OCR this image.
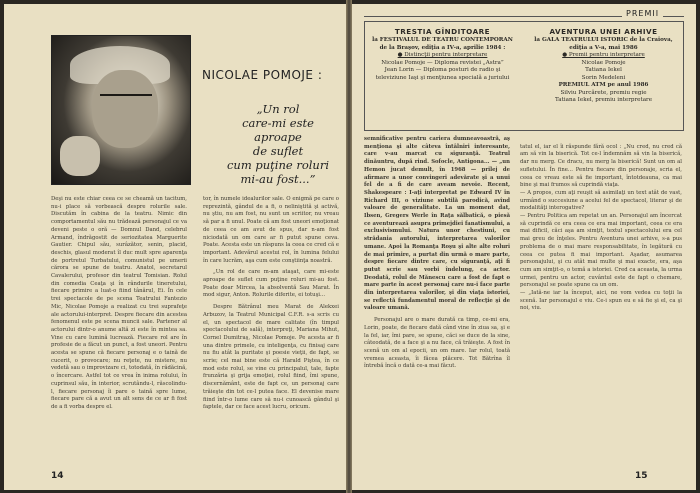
NICOLAE POMOJE :
„Un rol
care-mi este aproape
de suflet
cum puţine roluri
mi-au fost...”

Deşi nu este chiar ceea ce se cheamă un tacitum, nu-i place să vorbească despre rolurile sale. Discutăm în cabina de la teatru. Nimic din comportamentul său nu trădează personajul ce va deveni peste o oră — Domnul Dand, celebrul Armand, îndrăgostit de seriozitatea Marguerite Gautier. Chipul său, surâzător, senin, placid, deschis, glasul moderat îl duc mult spre aparenţa de portretul Turbatului, comunistul pe umerii cărora se spune de teatru. Anatol, secretarul Cavalerului, profesor din teatrul Tomisian. Rolul din comedia Ceaţa şi în rândurile tineretului, fiecare primire a luat-o fiind tânărul, Ei. În cele trei spectacole de pe scena Teatrului Fantezio Mic, Nicolae Pomoje a realizat cu trei suprafeţe ale actorului-interpret. Despre fiecare din acestea fenomenul este pe scena muncii sale. Partener al actorului dintr-o anume altă zi este în mintea sa. Vine cu care lumină lucrează. Fiecare rol are în profesie de a făcut un punct, a fost uneori. Pentru acesta se spune că fiecare personaj e o taină de cucerit, o provocare; nu reţete, nu mistere, nu vedetă sau o improvizare ci, totodată, în rădăcină, o încercare. Astfel tot ce vrea în inima rolului, în cuprinsul său, în interior, scrutându-l, răscolindu-l, fiecare personaj îi pare o taină spre lume, fiecare pare că a avut un alt sens de ce ar fi fost de a fi vorba despre el.

tor, în numele idealurilor sale. O enigmă pe care o reprezintă, gândul de a fi, o neliniştită şi activă, nu ştiu, nu am fost, nu sunt un scriitor, nu vreau să par a fi unul. Poate că am fost uneori emoţionat de ceea ce am avut de spus, dar n-am fost niciodată un om care ar fi putut spune ceva. Poate. Acesta este un răspuns la ceea ce cred că e important. Adevărul acestui rol, în lumina felului în care lucrăm, aşa cum este conştiinţa noastră.

„Un rol de care m-am ataşat, care mi-este aproape de suflet cum puţine roluri mi-au fost. Poate doar Mircea, la absolventă Sau Marat. În mod sigur, Anton. Rolurile diferite, ei totuşi...

Despre Bătrânul meu Marat de Alekxei Arbuzov, la Teatrul Municipal C.F.R. s-a scris cu el, un spectacol de mare calitate (în timpul spectacolului de sală), interpreţi, Mariana Mihut, Cornel Dumitraş, Nicolae Pomoje. Pe acesta ar fi una dintre primele, cu inteligenţa, cu finisaj care nu fiu atât la puritate şi poesie vieţii, de fapt, se scrie; cel mai bine este că Harald Piştea, în ce mod este rolul, se vine cu principalul, tale, fapte frunzăria şi grija emoţiei, rolul fiind, îmi spune, discernământ, este de fapt ce, un personaj care trăieşte din tot ce-l putea face. El devenise mare fiind într-o lume care să nu-i cunoască gândul şi faptele, dar ce face acest lucru, oricum.

14
PREMII
TRESTIA GÎNDITOARE
la FESTIVALUL DE TEATRU CONTEMPORAN de la Braşov, ediţia a IV-a, aprilie 1984 :
● Distincţii pentru interpretare
Nicolae Pomoje — Diploma revistei „Astra”
Jean Lorin — Diploma posturi de radio şi televiziune Iaşi şi menţiunea specială a juriului
AVENTURA UNEI ARHIVE
la GALA TEATRULUI ISTORIC de la Craiova, ediţia a V-a, mai 1986
● Premii pentru interpretare
Nicolae Pomoje
Tatiana Iekel
Sorin Medeleni
PREMIUL ATM pe anul 1986
Silviu Purcărete, premiu regie
Tatiana Iekel, premiu interpretare

semnificative pentru cariera dumneavoastră, aş menţiona şi alte câteva întâlniri interesante, care v-au marcat cu siguranţă. Teatrul dinăuntru, după rind. Sofocle, Antigona... — „un Hemon jucat demult, în 1968 — prilej de afirmare a unor convingeri adevărate şi a unui fel de a fi de care aveam nevoie. Recent, Shakespeare : I-aţi interpretat pe Edward IV în Richard III, o viziune subtilă parodică, avînd valoare de generalitate. La un moment dat, Ibsen, Gregers Werle în Raţa sălbatică, o piesă ce aventurează asupra primejdiei fanatismului, a exclusivismului. Natura unor chestiuni, cu strădania autorului, interpretarea valorilor umane. Apoi la Romanţa Roşu şi alte alte roluri de mai primire, a purtat din urmă o mare parte, despre fiecare dintre care, cu siguranţă, aţi fi putut scrie sau vorbi îndelung, ca actor. Deodată, rolul de Mănescu care a fost de fapt o mare parte în acest personaj care nu-i face parte din interpretarea valorilor, şi din viaţa istoriei, se reflectă fundamentul moral de reflecţie şi de valoare umană.

Personajul are o mare durată ca timp, ce-mi era, Lorin, poate, de fiecare dată când vine în ziua sa, şi e la fel, iar, îmi pare, se spune, căci se duce de la sine, câteodată, de a face şi a nu face, că trăieşte. A fost în scenă un om al epocii, un om mare. Iar rolul, toată vremea aceasta, îi făcea plăcere. Tot Bătrîna îl întrebă încă o dată ce-a mai făcut.

tatul el, iar el îi răspunde fără ocol : „Nu cred, nu cred că am să vin la biserică. Tot ce-l îndemnăm să vin la biserică, dar nu merg. Ce dracu, nu merg la biserică! Sunt un om al sufletului. În fine... Pentru fiecare din personaje, scria el, ceea ce vreau este să fie important, întotdeauna, ca mai bine şi mai frumos să cuprindă viaţa.
— A propos, cum aţi reuşit să asimilaţi un text atât de vast, urmând o succesiune a acelui fel de spectacol, literar şi de modalităţi interogative?
— Pentru Politica am repetat un an. Personajul am încercat să cuprindă ce era ceea ce era mai important, ceea ce era mai dificil, căci aşa am simţit, textul spectacolului era cel mai greu de înţeles. Pentru Aventura unei arhive, s-a pus problema de o mai mare responsabilitate, în legătură cu ceea ce putea fi mai important. Aşadar, asumarea personajului, şi cu atât mai multe şi mai exacte, era, aşa cum am simţit-o, o temă a istoriei. Cred ca aceasta, la urma urmei, pentru un actor, cuvântul este de fapt o chemare, personajul se poate spune ca un om.
— „Iată-ne iar la început, aici, ne vom vedea cu toţii la scenă. Iar personajul e viu. Ce-i spun eu e să fie şi el, ca şi noi, viu.

15
